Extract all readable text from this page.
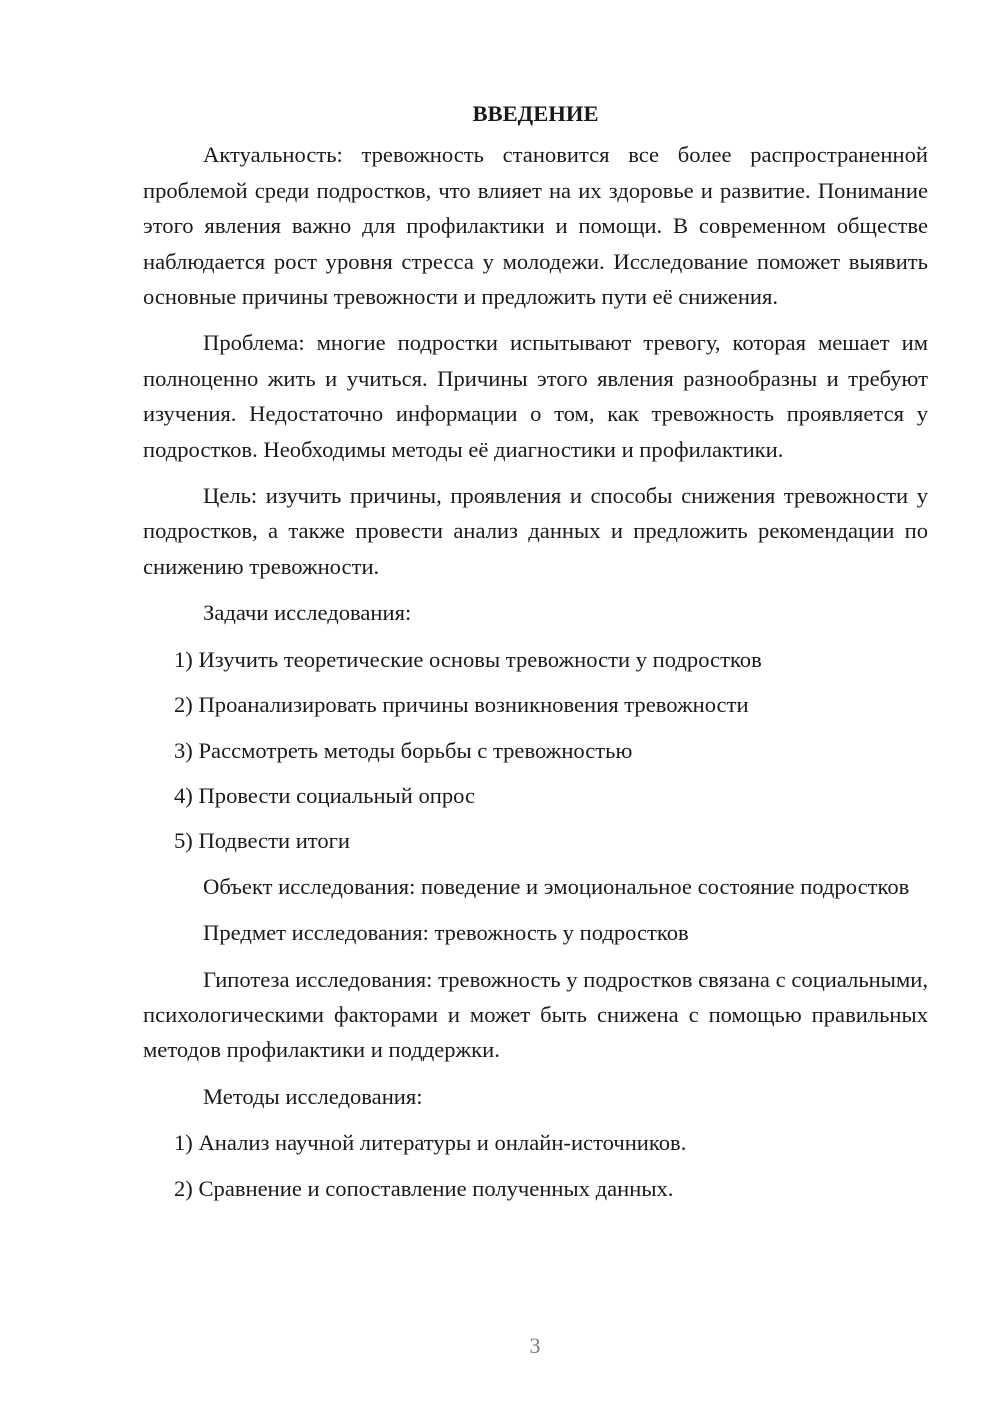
ВВЕДЕНИЕ

Актуальность: тревожность становится все более распространенной проблемой среди подростков, что влияет на их здоровье и развитие. Понимание этого явления важно для профилактики и помощи. В современном обществе наблюдается рост уровня стресса у молодежи. Исследование поможет выявить основные причины тревожности и предложить пути её снижения.

Проблема: многие подростки испытывают тревогу, которая мешает им полноценно жить и учиться. Причины этого явления разнообразны и требуют изучения. Недостаточно информации о том, как тревожность проявляется у подростков. Необходимы методы её диагностики и профилактики.

Цель: изучить причины, проявления и способы снижения тревожности у подростков, а также провести анализ данных и предложить рекомендации по снижению тревожности.

Задачи исследования:

1) Изучить теоретические основы тревожности у подростков

2) Проанализировать причины возникновения тревожности

3) Рассмотреть методы борьбы с тревожностью

4) Провести социальный опрос

5) Подвести итоги

Объект исследования: поведение и эмоциональное состояние подростков

Предмет исследования: тревожность у подростков

Гипотеза исследования: тревожность у подростков связана с социальными, психологическими факторами и может быть снижена с помощью правильных методов профилактики и поддержки.

Методы исследования:

1) Анализ научной литературы и онлайн-источников.

2) Сравнение и сопоставление полученных данных.

3
